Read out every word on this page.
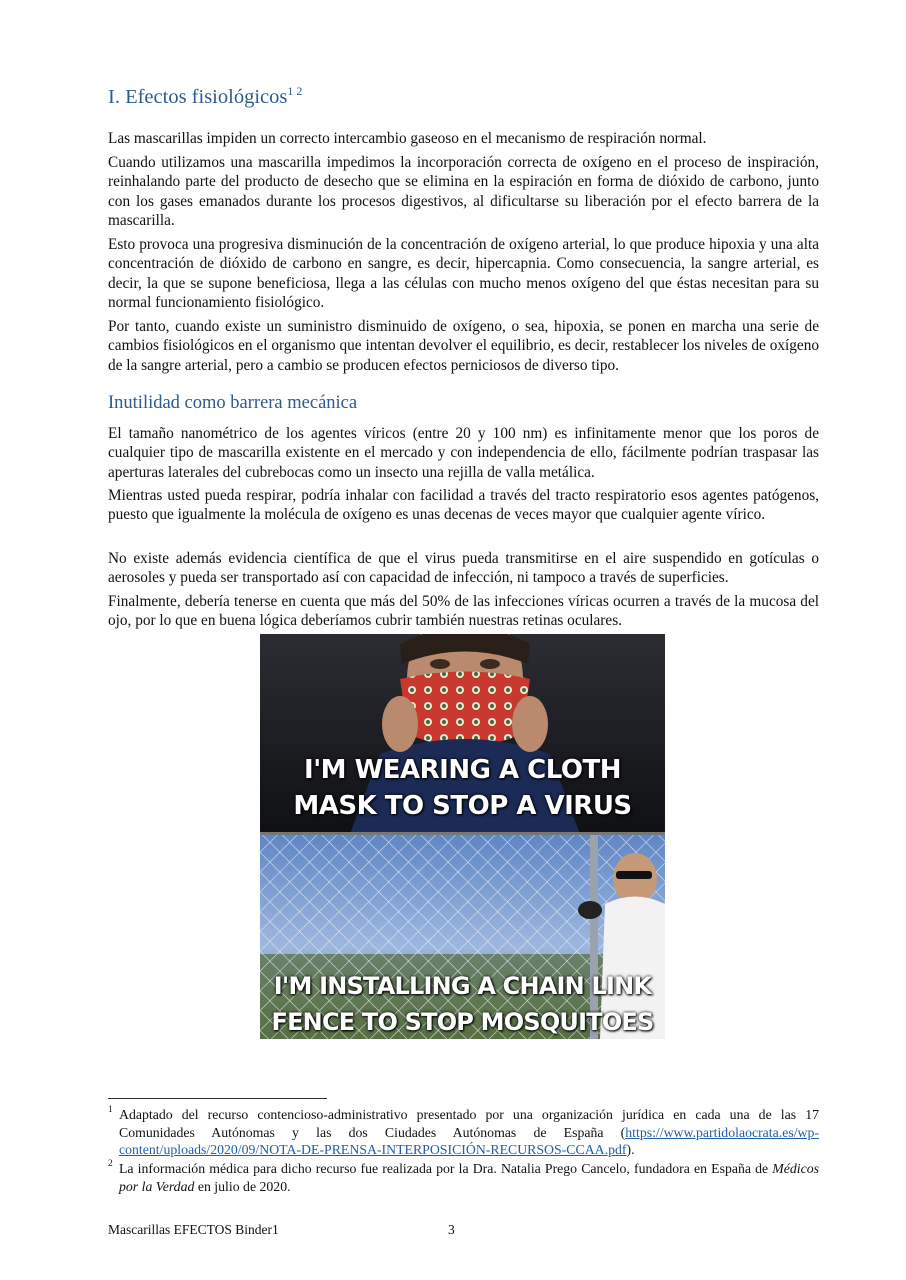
I. Efectos fisiológicos$^{1 2}$

Las mascarillas impiden un correcto intercambio gaseoso en el mecanismo de respiración normal.

Cuando utilizamos una mascarilla impedimos la incorporación correcta de oxígeno en el proceso de inspiración, reinhalando parte del producto de desecho que se elimina en la espiración en forma de dióxido de carbono, junto con los gases emanados durante los procesos digestivos, al dificultarse su liberación por el efecto barrera de la mascarilla.

Esto provoca una progresiva disminución de la concentración de oxígeno arterial, lo que produce hipoxia y una alta concentración de dióxido de carbono en sangre, es decir, hipercapnia. Como consecuencia, la sangre arterial, es decir, la que se supone beneficiosa, llega a las células con mucho menos oxígeno del que éstas necesitan para su normal funcionamiento fisiológico.

Por tanto, cuando existe un suministro disminuido de oxígeno, o sea, hipoxia, se ponen en marcha una serie de cambios fisiológicos en el organismo que intentan devolver el equilibrio, es decir, restablecer los niveles de oxígeno de la sangre arterial, pero a cambio se producen efectos perniciosos de diverso tipo.

Inutilidad como barrera mecánica

El tamaño nanométrico de los agentes víricos (entre 20 y 100 nm) es infinitamente menor que los poros de cualquier tipo de mascarilla existente en el mercado y con independencia de ello, fácilmente podrían traspasar las aperturas laterales del cubrebocas como un insecto una rejilla de valla metálica.

Mientras usted pueda respirar, podría inhalar con facilidad a través del tracto respiratorio esos agentes patógenos, puesto que igualmente la molécula de oxígeno es unas decenas de veces mayor que cualquier agente vírico.

No existe además evidencia científica de que el virus pueda transmitirse en el aire suspendido en gotículas o aerosoles y pueda ser transportado así con capacidad de infección, ni tampoco a través de superficies.

Finalmente, debería tenerse en cuenta que más del 50% de las infecciones víricas ocurren a través de la mucosa del ojo, por lo que en buena lógica deberíamos cubrir también nuestras retinas oculares.

I'M WEARING A CLOTH
MASK TO STOP A VIRUS
I'M INSTALLING A CHAIN LINK
FENCE TO STOP MOSQUITOES
1 Adaptado del recurso contencioso-administrativo presentado por una organización jurídica en cada una de las 17 Comunidades Autónomas y las dos Ciudades Autónomas de España (https://www.partidolaocrata.es/wp-content/uploads/2020/09/NOTA-DE-PRENSA-INTERPOSICIÓN-RECURSOS-CCAA.pdf).
2 La información médica para dicho recurso fue realizada por la Dra. Natalia Prego Cancelo, fundadora en España de Médicos por la Verdad en julio de 2020.
Mascarillas EFECTOS Binder1	3
